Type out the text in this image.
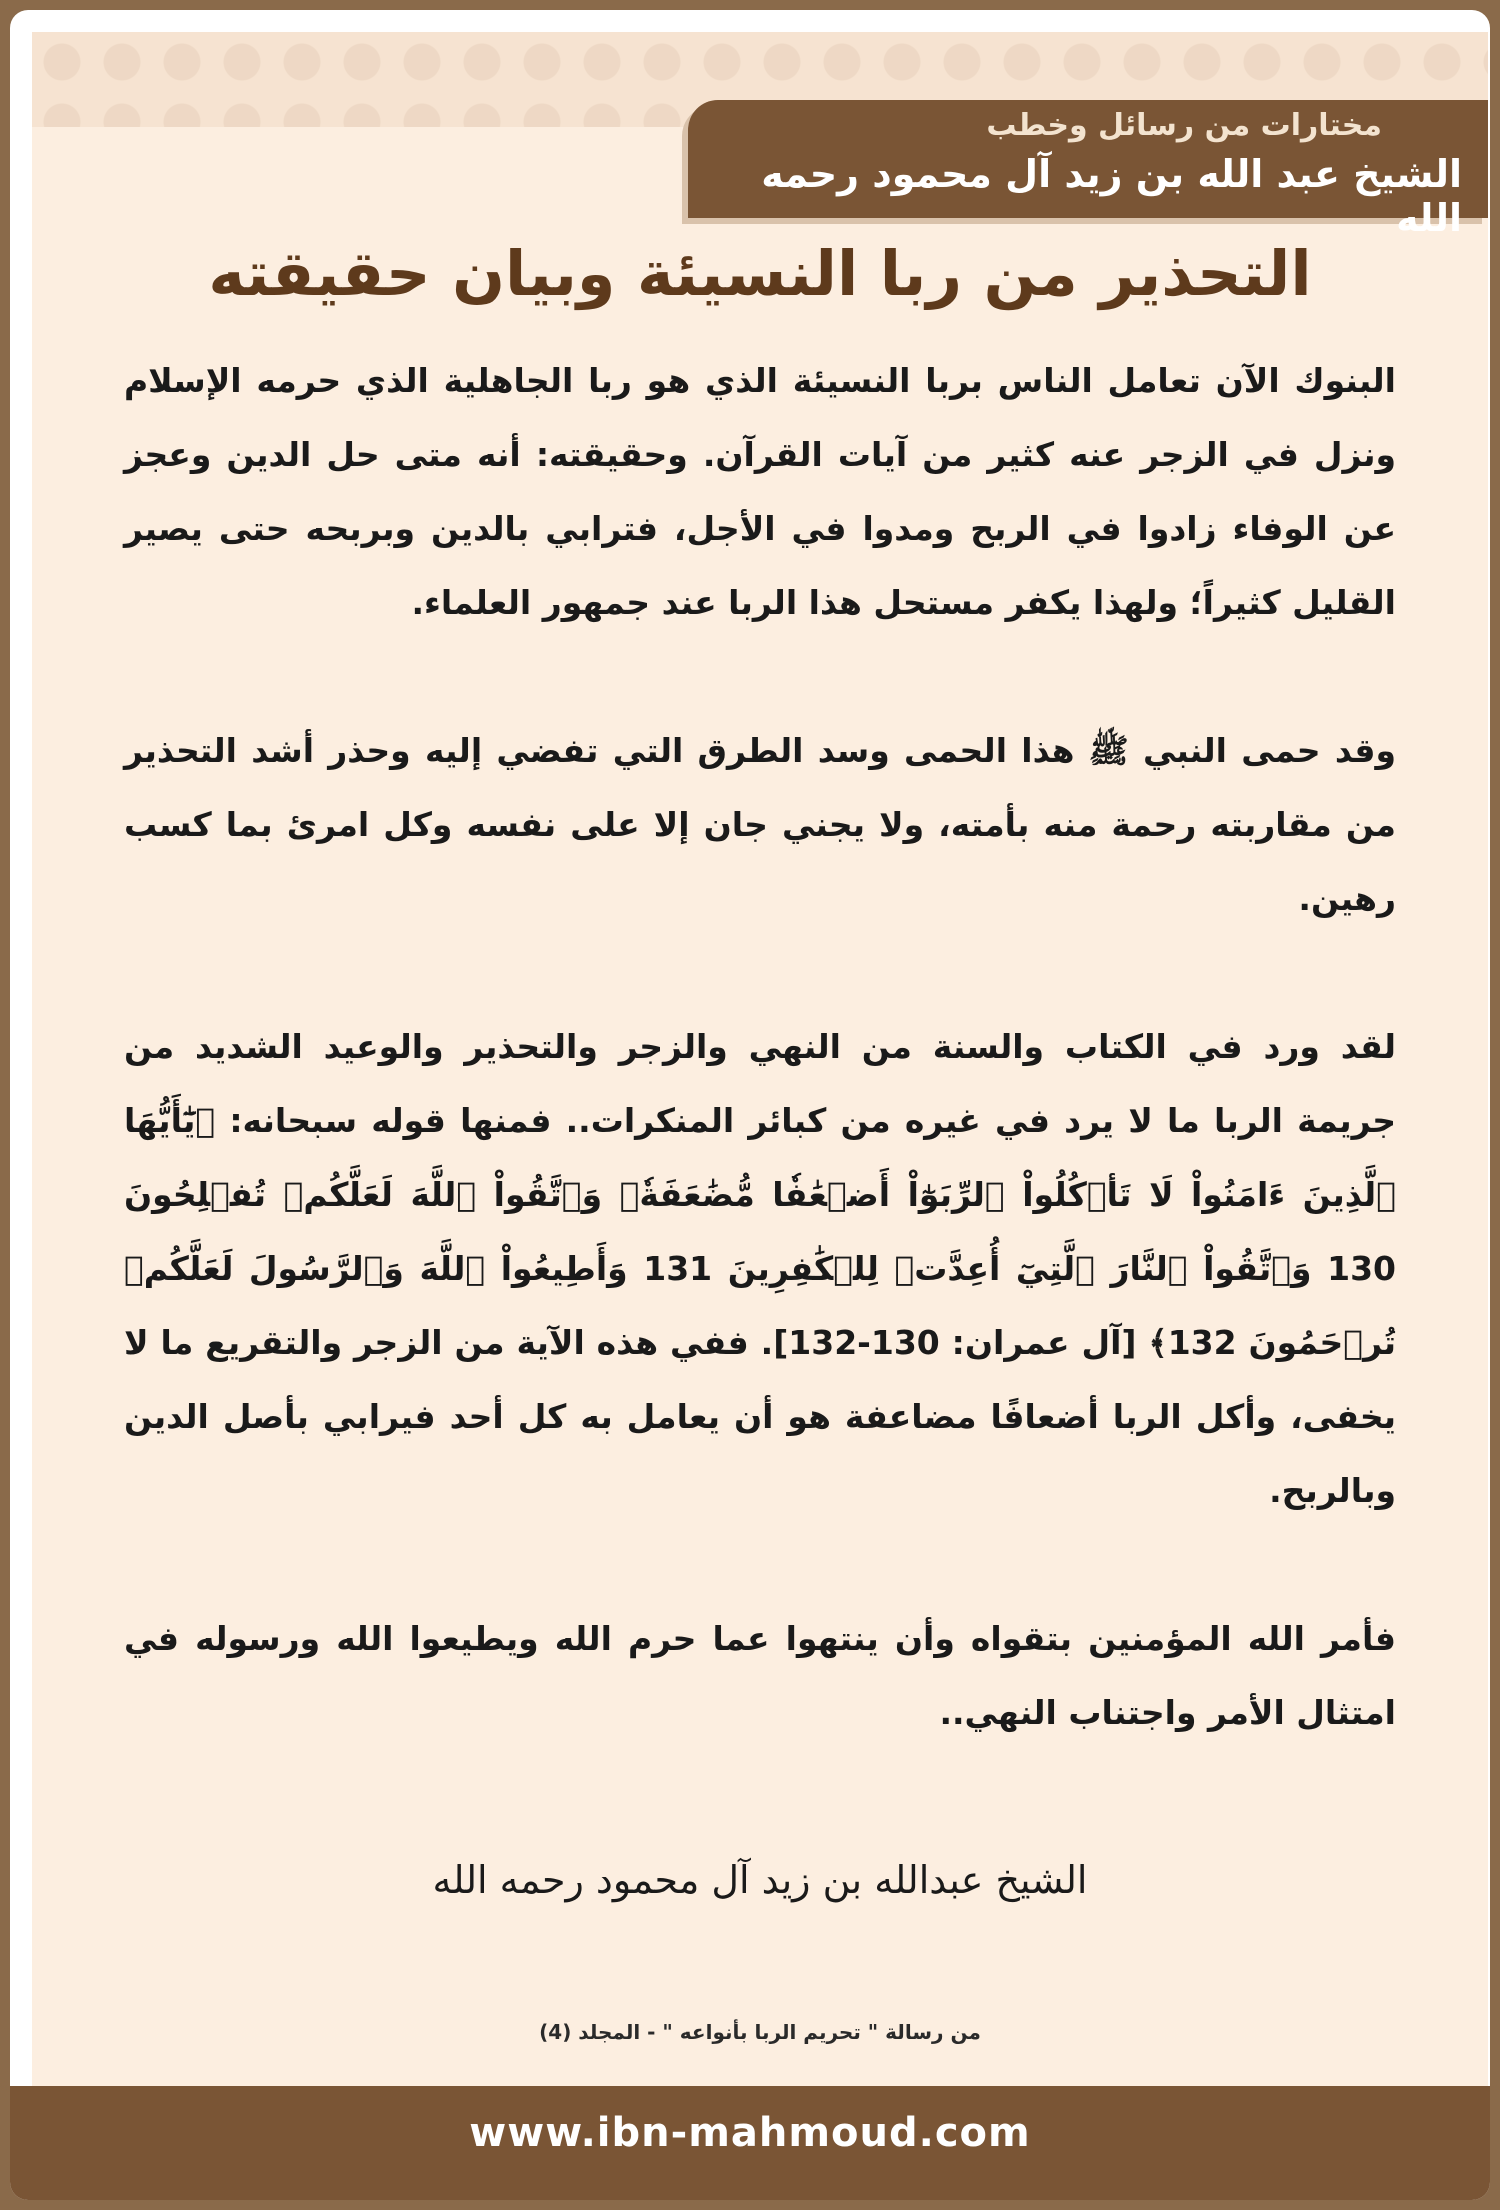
مختارات من رسائل وخطب
الشيخ عبد الله بن زيد آل محمود رحمه الله
التحذير من ربا النسيئة وبيان حقيقته

البنوك الآن تعامل الناس بربا النسيئة الذي هو ربا الجاهلية الذي حرمه الإسلام ونزل في الزجر عنه كثير من آيات القرآن. وحقيقته: أنه متى حل الدين وعجز عن الوفاء زادوا في الربح ومدوا في الأجل، فترابي بالدين وبربحه حتى يصير القليل كثيراً؛ ولهذا يكفر مستحل هذا الربا عند جمهور العلماء.

وقد حمى النبي ﷺ هذا الحمى وسد الطرق التي تفضي إليه وحذر أشد التحذير من مقاربته رحمة منه بأمته، ولا يجني جان إلا على نفسه وكل امرئ بما كسب رهين.

لقد ورد في الكتاب والسنة من النهي والزجر والتحذير والوعيد الشديد من جريمة الربا ما لا يرد في غيره من كبائر المنكرات.. فمنها قوله سبحانه: ﴿يَٰٓأَيُّهَا ٱلَّذِينَ ءَامَنُواْ لَا تَأۡكُلُواْ ٱلرِّبَوٰٓاْ أَضۡعَٰفٗا مُّضَٰعَفَةٗۖ وَٱتَّقُواْ ٱللَّهَ لَعَلَّكُمۡ تُفۡلِحُونَ 130 وَٱتَّقُواْ ٱلنَّارَ ٱلَّتِيٓ أُعِدَّتۡ لِلۡكَٰفِرِينَ 131 وَأَطِيعُواْ ٱللَّهَ وَٱلرَّسُولَ لَعَلَّكُمۡ تُرۡحَمُونَ 132﴾ [آل عمران: 130-132]. ففي هذه الآية من الزجر والتقريع ما لا يخفى، وأكل الربا أضعافًا مضاعفة هو أن يعامل به كل أحد فيرابي بأصل الدين وبالربح.

فأمر الله المؤمنين بتقواه وأن ينتهوا عما حرم الله ويطيعوا الله ورسوله في امتثال الأمر واجتناب النهي..

الشيخ عبدالله بن زيد آل محمود رحمه الله
من رسالة " تحريم الربا بأنواعه " - المجلد (4)
www.ibn-mahmoud.com
